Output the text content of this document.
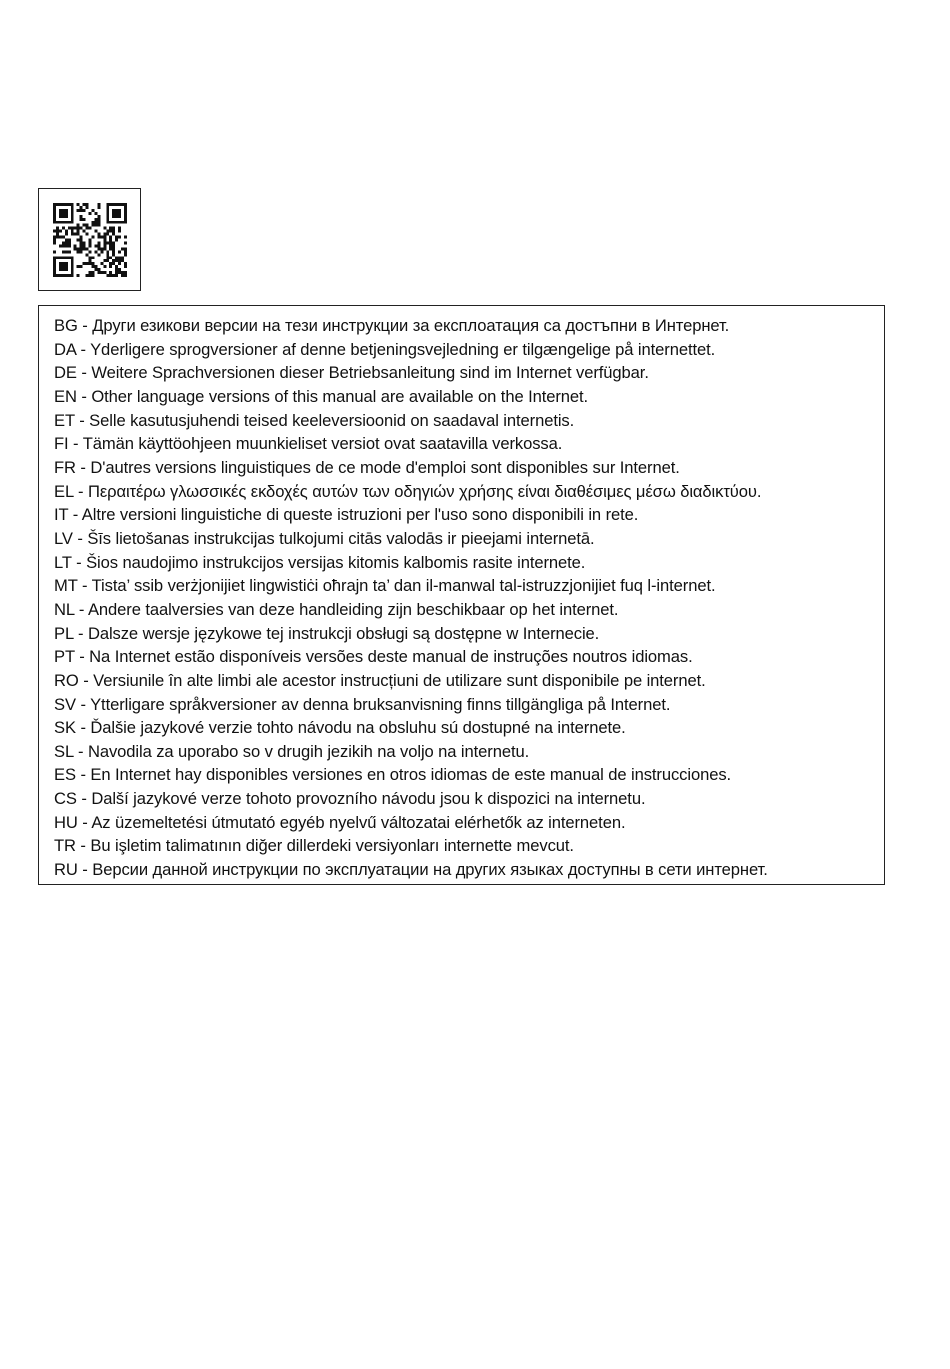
BG - Други езикови версии на тези инструкции за експлоатация са достъпни в Интернет.
DA - Yderligere sprogversioner af denne betjeningsvejledning er tilgængelige på internettet.
DE - Weitere Sprachversionen dieser Betriebsanleitung sind im Internet verfügbar.
EN - Other language versions of this manual are available on the Internet.
ET - Selle kasutusjuhendi teised keeleversioonid on saadaval internetis.
FI - Tämän käyttöohjeen muunkieliset versiot ovat saatavilla verkossa.
FR - D'autres versions linguistiques de ce mode d'emploi sont disponibles sur Internet.
EL - Περαιτέρω γλωσσικές εκδοχές αυτών των οδηγιών χρήσης είναι διαθέσιμες μέσω διαδικτύου.
IT - Altre versioni linguistiche di queste istruzioni per l'uso sono disponibili in rete.
LV - Šīs lietošanas instrukcijas tulkojumi citās valodās ir pieejami internetā.
LT - Šios naudojimo instrukcijos versijas kitomis kalbomis rasite internete.
MT - Tista’ ssib verżjonijiet lingwistiċi oħrajn ta’ dan il-manwal tal-istruzzjonijiet fuq l-internet.
NL - Andere taalversies van deze handleiding zijn beschikbaar op het internet.
PL - Dalsze wersje językowe tej instrukcji obsługi są dostępne w Internecie.
PT - Na Internet estão disponíveis versões deste manual de instruções noutros idiomas.
RO - Versiunile în alte limbi ale acestor instrucțiuni de utilizare sunt disponibile pe internet.
SV - Ytterligare språkversioner av denna bruksanvisning finns tillgängliga på Internet.
SK - Ďalšie jazykové verzie tohto návodu na obsluhu sú dostupné na internete.
SL - Navodila za uporabo so v drugih jezikih na voljo na internetu.
ES - En Internet hay disponibles versiones en otros idiomas de este manual de instrucciones.
CS - Další jazykové verze tohoto provozního návodu jsou k dispozici na internetu.
HU - Az üzemeltetési útmutató egyéb nyelvű változatai elérhetők az interneten.
TR - Bu işletim talimatının diğer dillerdeki versiyonları internette mevcut.
RU - Версии данной инструкции по эксплуатации на других языках доступны в сети интернет.
